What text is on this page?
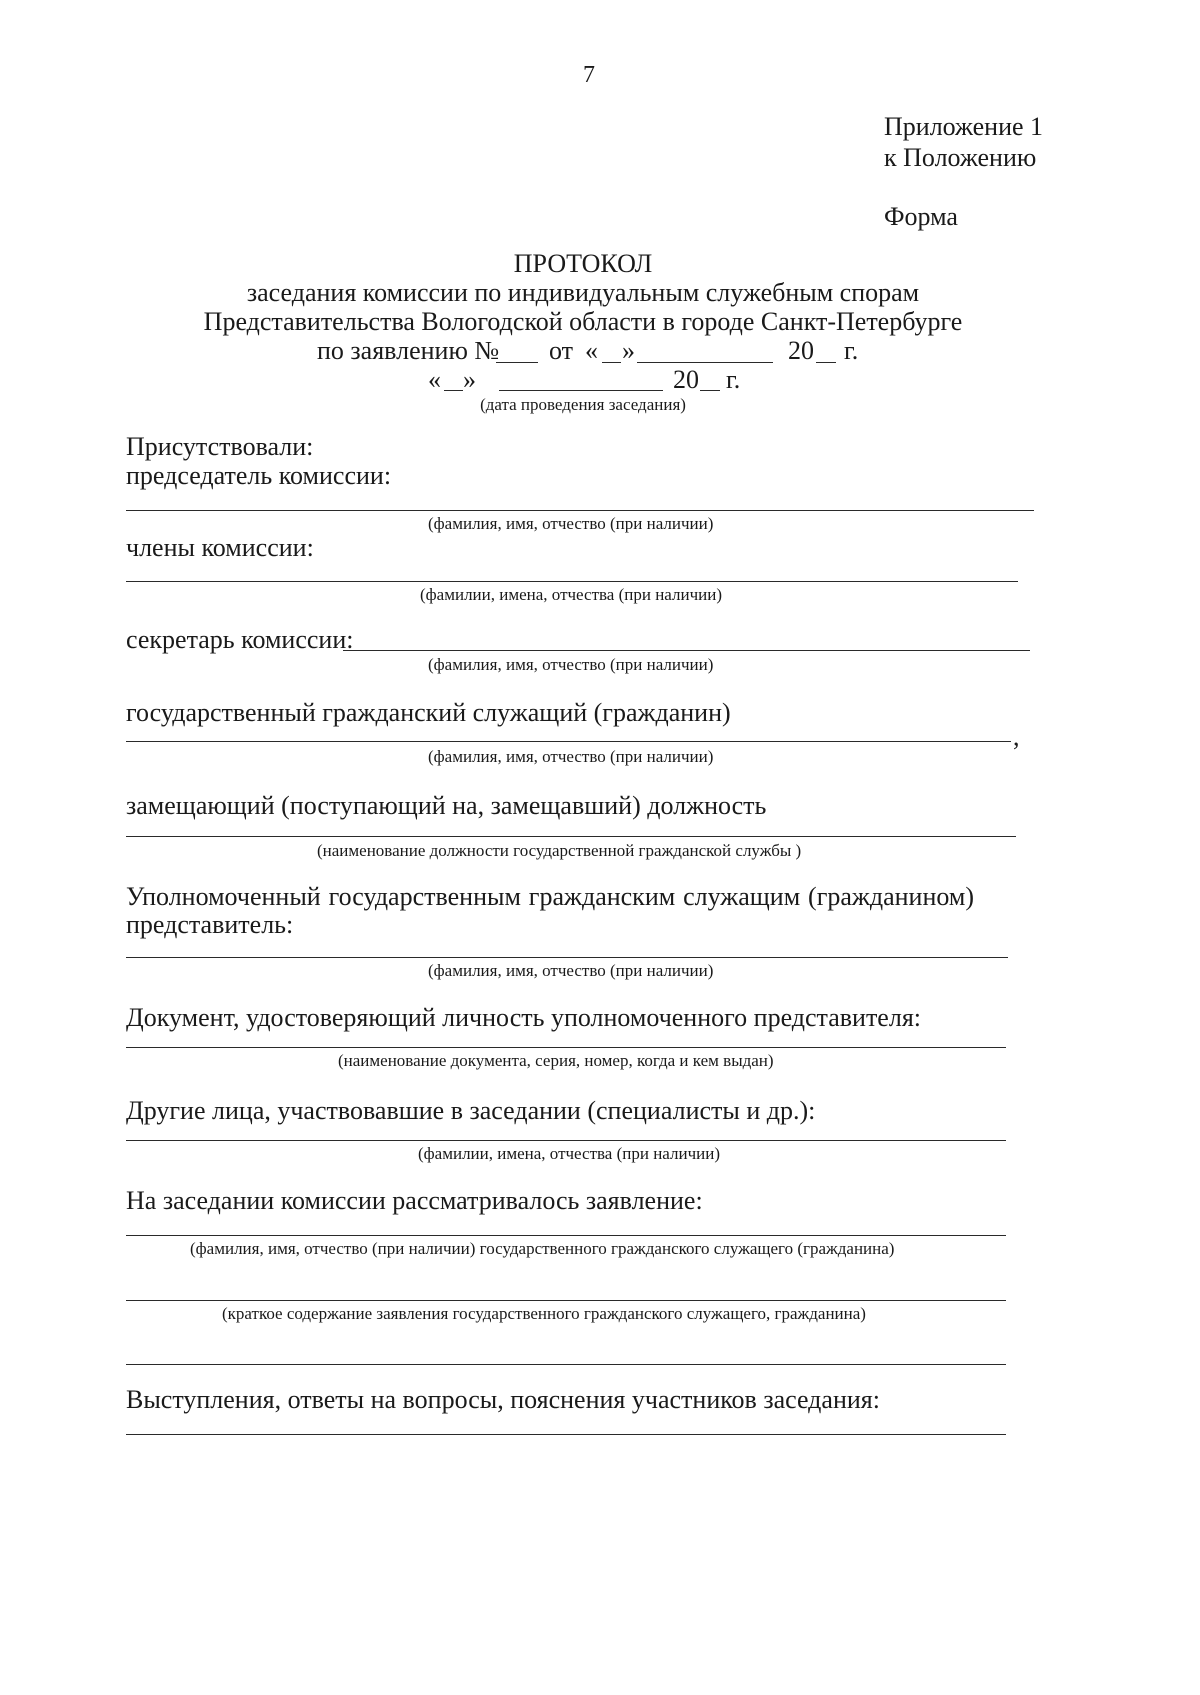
7
Приложение 1
к Положению
Форма
ПРОТОКОЛ
заседания комиссии по индивидуальным служебным спорам
Представительства Вологодской области в городе Санкт-Петербурге
по заявлению № от « »	20 г.
« »	20 г.
(дата проведения заседания)
Присутствовали:
председатель комиссии:
(фамилия, имя, отчество (при наличии)
члены комиссии:
(фамилии, имена, отчества (при наличии)
секретарь комиссии:
(фамилия, имя, отчество (при наличии)
государственный гражданский служащий (гражданин)
,
(фамилия, имя, отчество (при наличии)
замещающий (поступающий на, замещавший) должность
(наименование должности государственной гражданской службы )
Уполномоченный государственным гражданским служащим (гражданином)
представитель:
(фамилия, имя, отчество (при наличии)
Документ, удостоверяющий личность уполномоченного представителя:
(наименование документа, серия, номер, когда и кем выдан)
Другие лица, участвовавшие в заседании (специалисты и др.):
(фамилии, имена, отчества (при наличии)
На заседании комиссии рассматривалось заявление:
(фамилия, имя, отчество (при наличии) государственного гражданского служащего (гражданина)
(краткое содержание заявления государственного гражданского служащего, гражданина)
Выступления, ответы на вопросы, пояснения участников заседания:
